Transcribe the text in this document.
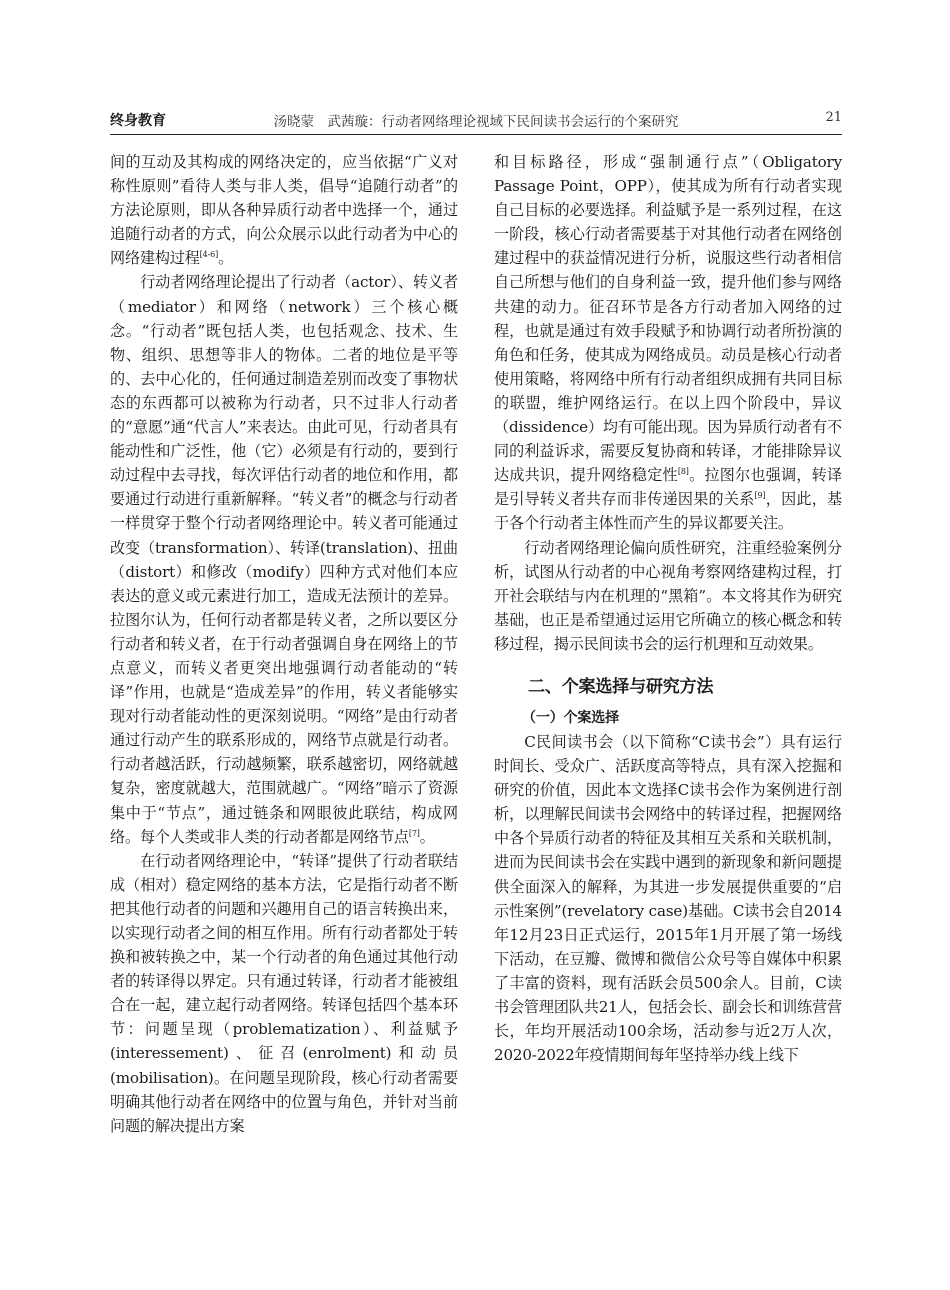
终身教育	汤晓蒙　武茜璇：行动者网络理论视域下民间读书会运行的个案研究	21

间的互动及其构成的网络决定的，应当依据“广义对称性原则”看待人类与非人类，倡导“追随行动者”的方法论原则，即从各种异质行动者中选择一个，通过追随行动者的方式，向公众展示以此行动者为中心的网络建构过程[4-6]。

行动者网络理论提出了行动者（actor）、转义者（mediator）和网络（network）三个核心概念。“行动者”既包括人类，也包括观念、技术、生物、组织、思想等非人的物体。二者的地位是平等的、去中心化的，任何通过制造差别而改变了事物状态的东西都可以被称为行动者，只不过非人行动者的“意愿”通“代言人”来表达。由此可见，行动者具有能动性和广泛性，他（它）必须是有行动的，要到行动过程中去寻找，每次评估行动者的地位和作用，都要通过行动进行重新解释。“转义者”的概念与行动者一样贯穿于整个行动者网络理论中。转义者可能通过改变（transformation）、转译(translation)、扭曲（distort）和修改（modify）四种方式对他们本应表达的意义或元素进行加工，造成无法预计的差异。拉图尔认为，任何行动者都是转义者，之所以要区分行动者和转义者，在于行动者强调自身在网络上的节点意义，而转义者更突出地强调行动者能动的“转译”作用，也就是“造成差异”的作用，转义者能够实现对行动者能动性的更深刻说明。“网络”是由行动者通过行动产生的联系形成的，网络节点就是行动者。行动者越活跃，行动越频繁，联系越密切，网络就越复杂，密度就越大，范围就越广。“网络”暗示了资源集中于“节点”，通过链条和网眼彼此联结，构成网络。每个人类或非人类的行动者都是网络节点[7]。

在行动者网络理论中，“转译”提供了行动者联结成（相对）稳定网络的基本方法，它是指行动者不断把其他行动者的问题和兴趣用自己的语言转换出来，以实现行动者之间的相互作用。所有行动者都处于转换和被转换之中，某一个行动者的角色通过其他行动者的转译得以界定。只有通过转译，行动者才能被组合在一起，建立起行动者网络。转译包括四个基本环节：问题呈现（problematization）、利益赋予(interessement)、征召(enrolment)和动员(mobilisation)。在问题呈现阶段，核心行动者需要明确其他行动者在网络中的位置与角色，并针对当前问题的解决提出方案

和目标路径，形成“强制通行点”（Obligatory Passage Point，OPP），使其成为所有行动者实现自己目标的必要选择。利益赋予是一系列过程，在这一阶段，核心行动者需要基于对其他行动者在网络创建过程中的获益情况进行分析，说服这些行动者相信自己所想与他们的自身利益一致，提升他们参与网络共建的动力。征召环节是各方行动者加入网络的过程，也就是通过有效手段赋予和协调行动者所扮演的角色和任务，使其成为网络成员。动员是核心行动者使用策略，将网络中所有行动者组织成拥有共同目标的联盟，维护网络运行。在以上四个阶段中，异议（dissidence）均有可能出现。因为异质行动者有不同的利益诉求，需要反复协商和转译，才能排除异议达成共识，提升网络稳定性[8]。拉图尔也强调，转译是引导转义者共存而非传递因果的关系[9]，因此，基于各个行动者主体性而产生的异议都要关注。

行动者网络理论偏向质性研究，注重经验案例分析，试图从行动者的中心视角考察网络建构过程，打开社会联结与内在机理的“黑箱”。本文将其作为研究基础，也正是希望通过运用它所确立的核心概念和转移过程，揭示民间读书会的运行机理和互动效果。

二、个案选择与研究方法
（一）个案选择

C民间读书会（以下简称“C读书会”）具有运行时间长、受众广、活跃度高等特点，具有深入挖掘和研究的价值，因此本文选择C读书会作为案例进行剖析，以理解民间读书会网络中的转译过程，把握网络中各个异质行动者的特征及其相互关系和关联机制，进而为民间读书会在实践中遇到的新现象和新问题提供全面深入的解释，为其进一步发展提供重要的“启示性案例”(revelatory case)基础。C读书会自2014年12月23日正式运行，2015年1月开展了第一场线下活动，在豆瓣、微博和微信公众号等自媒体中积累了丰富的资料，现有活跃会员500余人。目前，C读书会管理团队共21人，包括会长、副会长和训练营营长，年均开展活动100余场，活动参与近2万人次，2020-2022年疫情期间每年坚持举办线上线下
